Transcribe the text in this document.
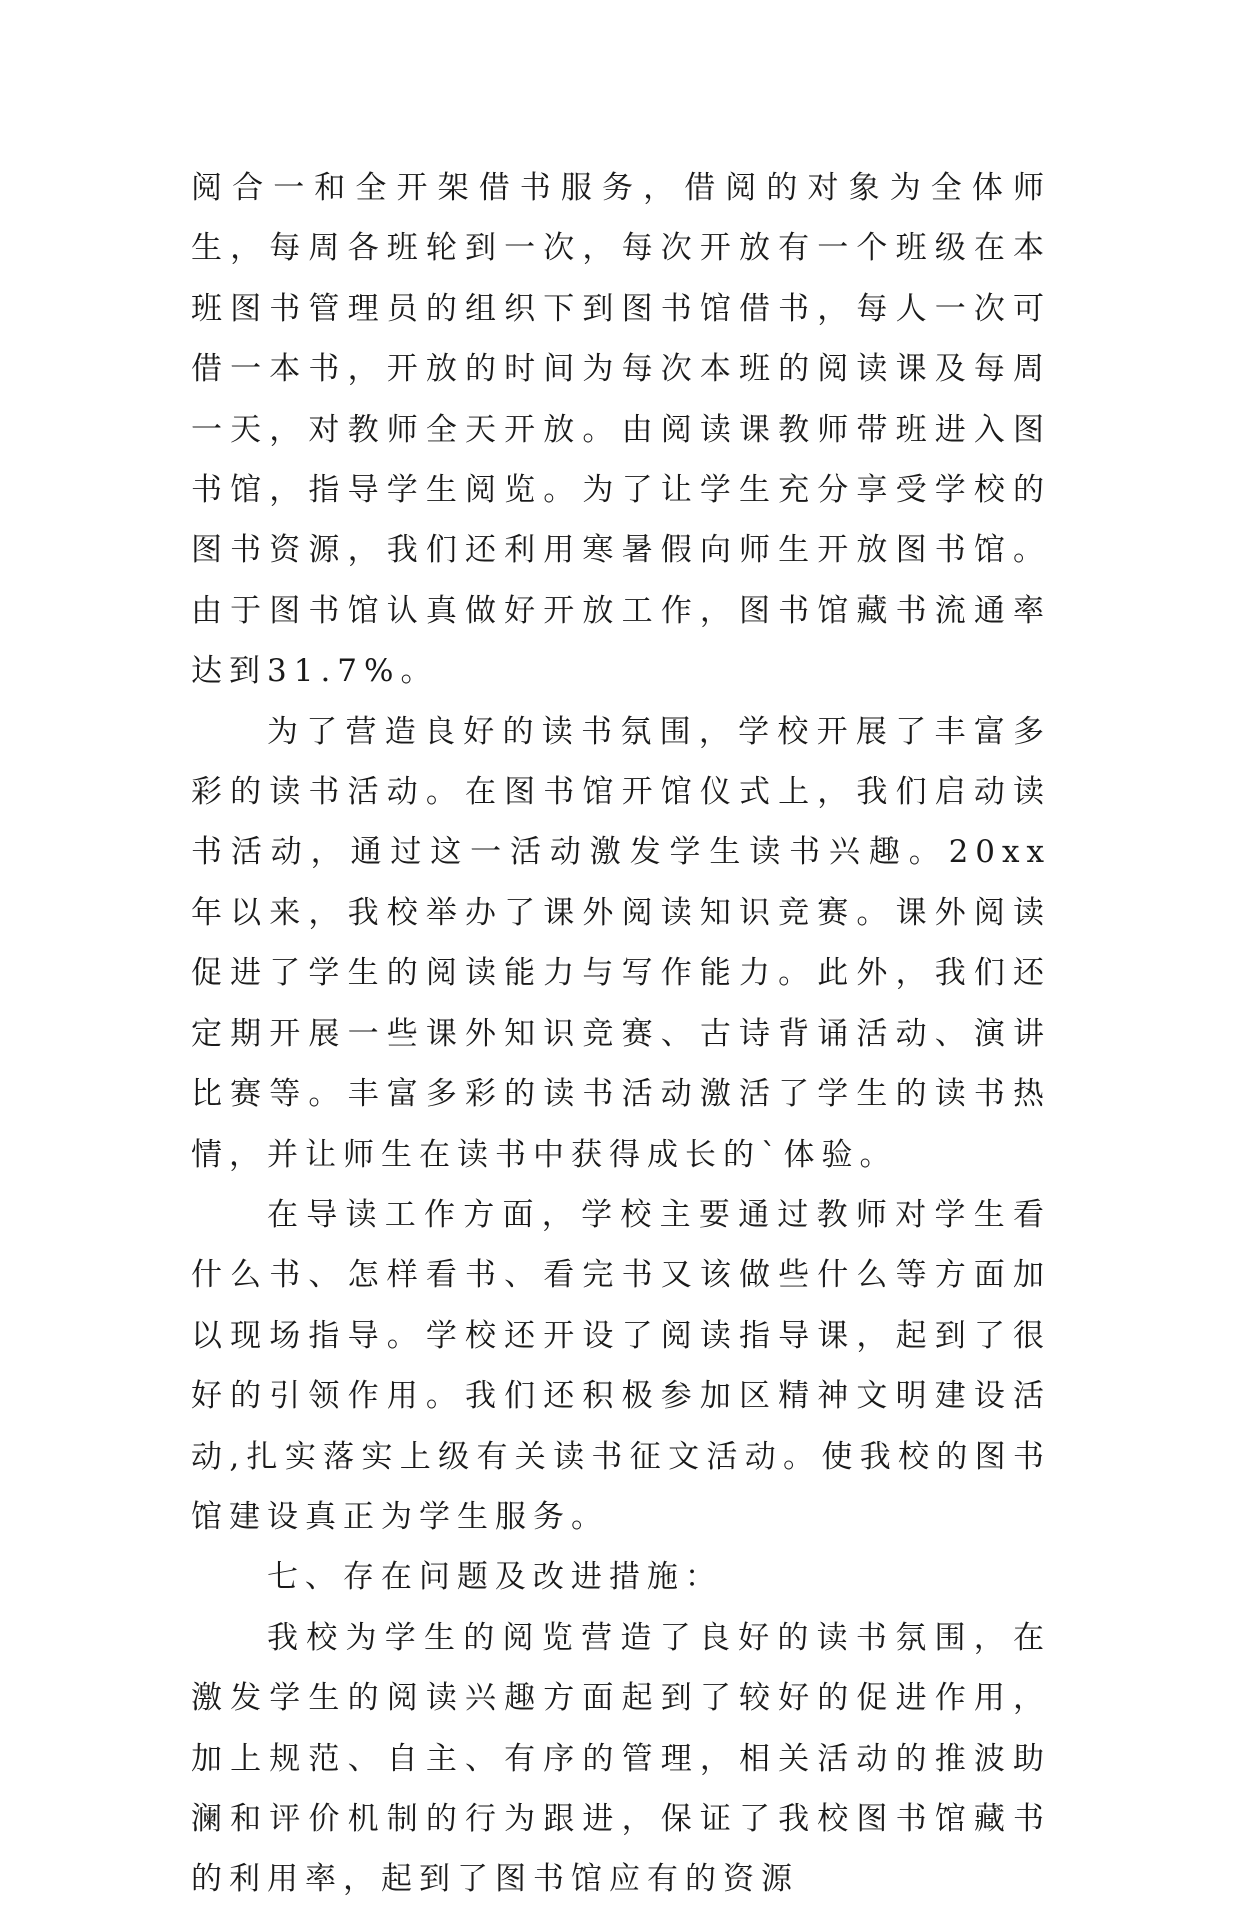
阅合一和全开架借书服务，借阅的对象为全体师生，每周各班轮到一次，每次开放有一个班级在本班图书管理员的组织下到图书馆借书，每人一次可借一本书，开放的时间为每次本班的阅读课及每周一天，对教师全天开放。由阅读课教师带班进入图书馆，指导学生阅览。为了让学生充分享受学校的图书资源，我们还利用寒暑假向师生开放图书馆。由于图书馆认真做好开放工作，图书馆藏书流通率达到31.7%。

为了营造良好的读书氛围，学校开展了丰富多彩的读书活动。在图书馆开馆仪式上，我们启动读书活动，通过这一活动激发学生读书兴趣。20xx年以来，我校举办了课外阅读知识竞赛。课外阅读促进了学生的阅读能力与写作能力。此外，我们还定期开展一些课外知识竞赛、古诗背诵活动、演讲比赛等。丰富多彩的读书活动激活了学生的读书热情，并让师生在读书中获得成长的`体验。

在导读工作方面，学校主要通过教师对学生看什么书、怎样看书、看完书又该做些什么等方面加以现场指导。学校还开设了阅读指导课，起到了很好的引领作用。我们还积极参加区精神文明建设活动,扎实落实上级有关读书征文活动。使我校的图书馆建设真正为学生服务。

七、存在问题及改进措施：

我校为学生的阅览营造了良好的读书氛围，在激发学生的阅读兴趣方面起到了较好的促进作用，加上规范、自主、有序的管理，相关活动的推波助澜和评价机制的行为跟进，保证了我校图书馆藏书的利用率，起到了图书馆应有的资源
